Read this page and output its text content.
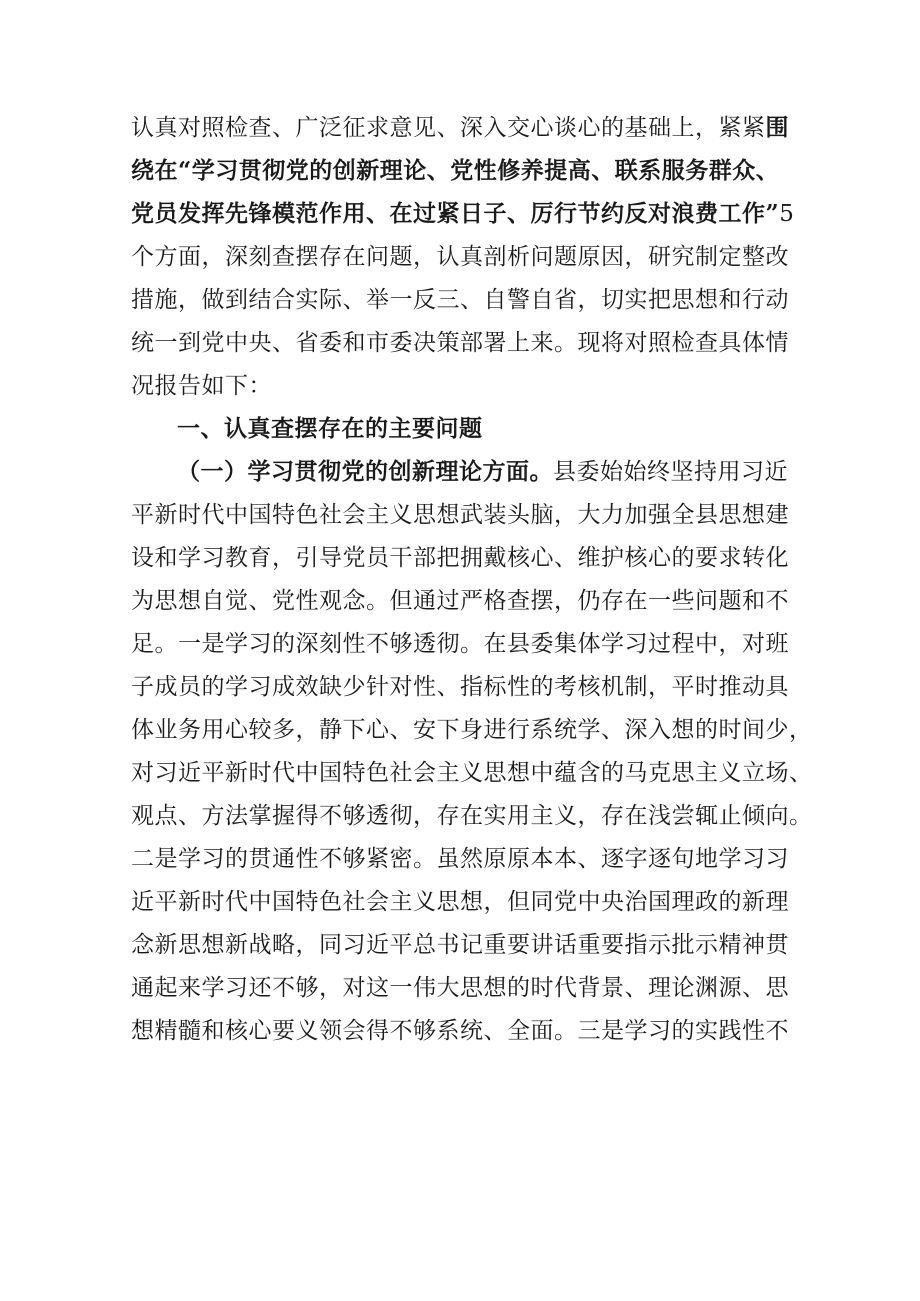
认真对照检查、广泛征求意见、深入交心谈心的基础上，紧紧围
绕在“学习贯彻党的创新理论、党性修养提高、联系服务群众、
党员发挥先锋模范作用、在过紧日子、厉行节约反对浪费工作”5
个方面，深刻查摆存在问题，认真剖析问题原因，研究制定整改
措施，做到结合实际、举一反三、自警自省，切实把思想和行动
统一到党中央、省委和市委决策部署上来。现将对照检查具体情
况报告如下：
一、认真查摆存在的主要问题
（一）学习贯彻党的创新理论方面。县委始始终坚持用习近
平新时代中国特色社会主义思想武装头脑，大力加强全县思想建
设和学习教育，引导党员干部把拥戴核心、维护核心的要求转化
为思想自觉、党性观念。但通过严格查摆，仍存在一些问题和不
足。一是学习的深刻性不够透彻。在县委集体学习过程中，对班
子成员的学习成效缺少针对性、指标性的考核机制，平时推动具
体业务用心较多，静下心、安下身进行系统学、深入想的时间少，
对习近平新时代中国特色社会主义思想中蕴含的马克思主义立场、
观点、方法掌握得不够透彻，存在实用主义，存在浅尝辄止倾向。
二是学习的贯通性不够紧密。虽然原原本本、逐字逐句地学习习
近平新时代中国特色社会主义思想，但同党中央治国理政的新理
念新思想新战略，同习近平总书记重要讲话重要指示批示精神贯
通起来学习还不够，对这一伟大思想的时代背景、理论渊源、思
想精髓和核心要义领会得不够系统、全面。三是学习的实践性不
